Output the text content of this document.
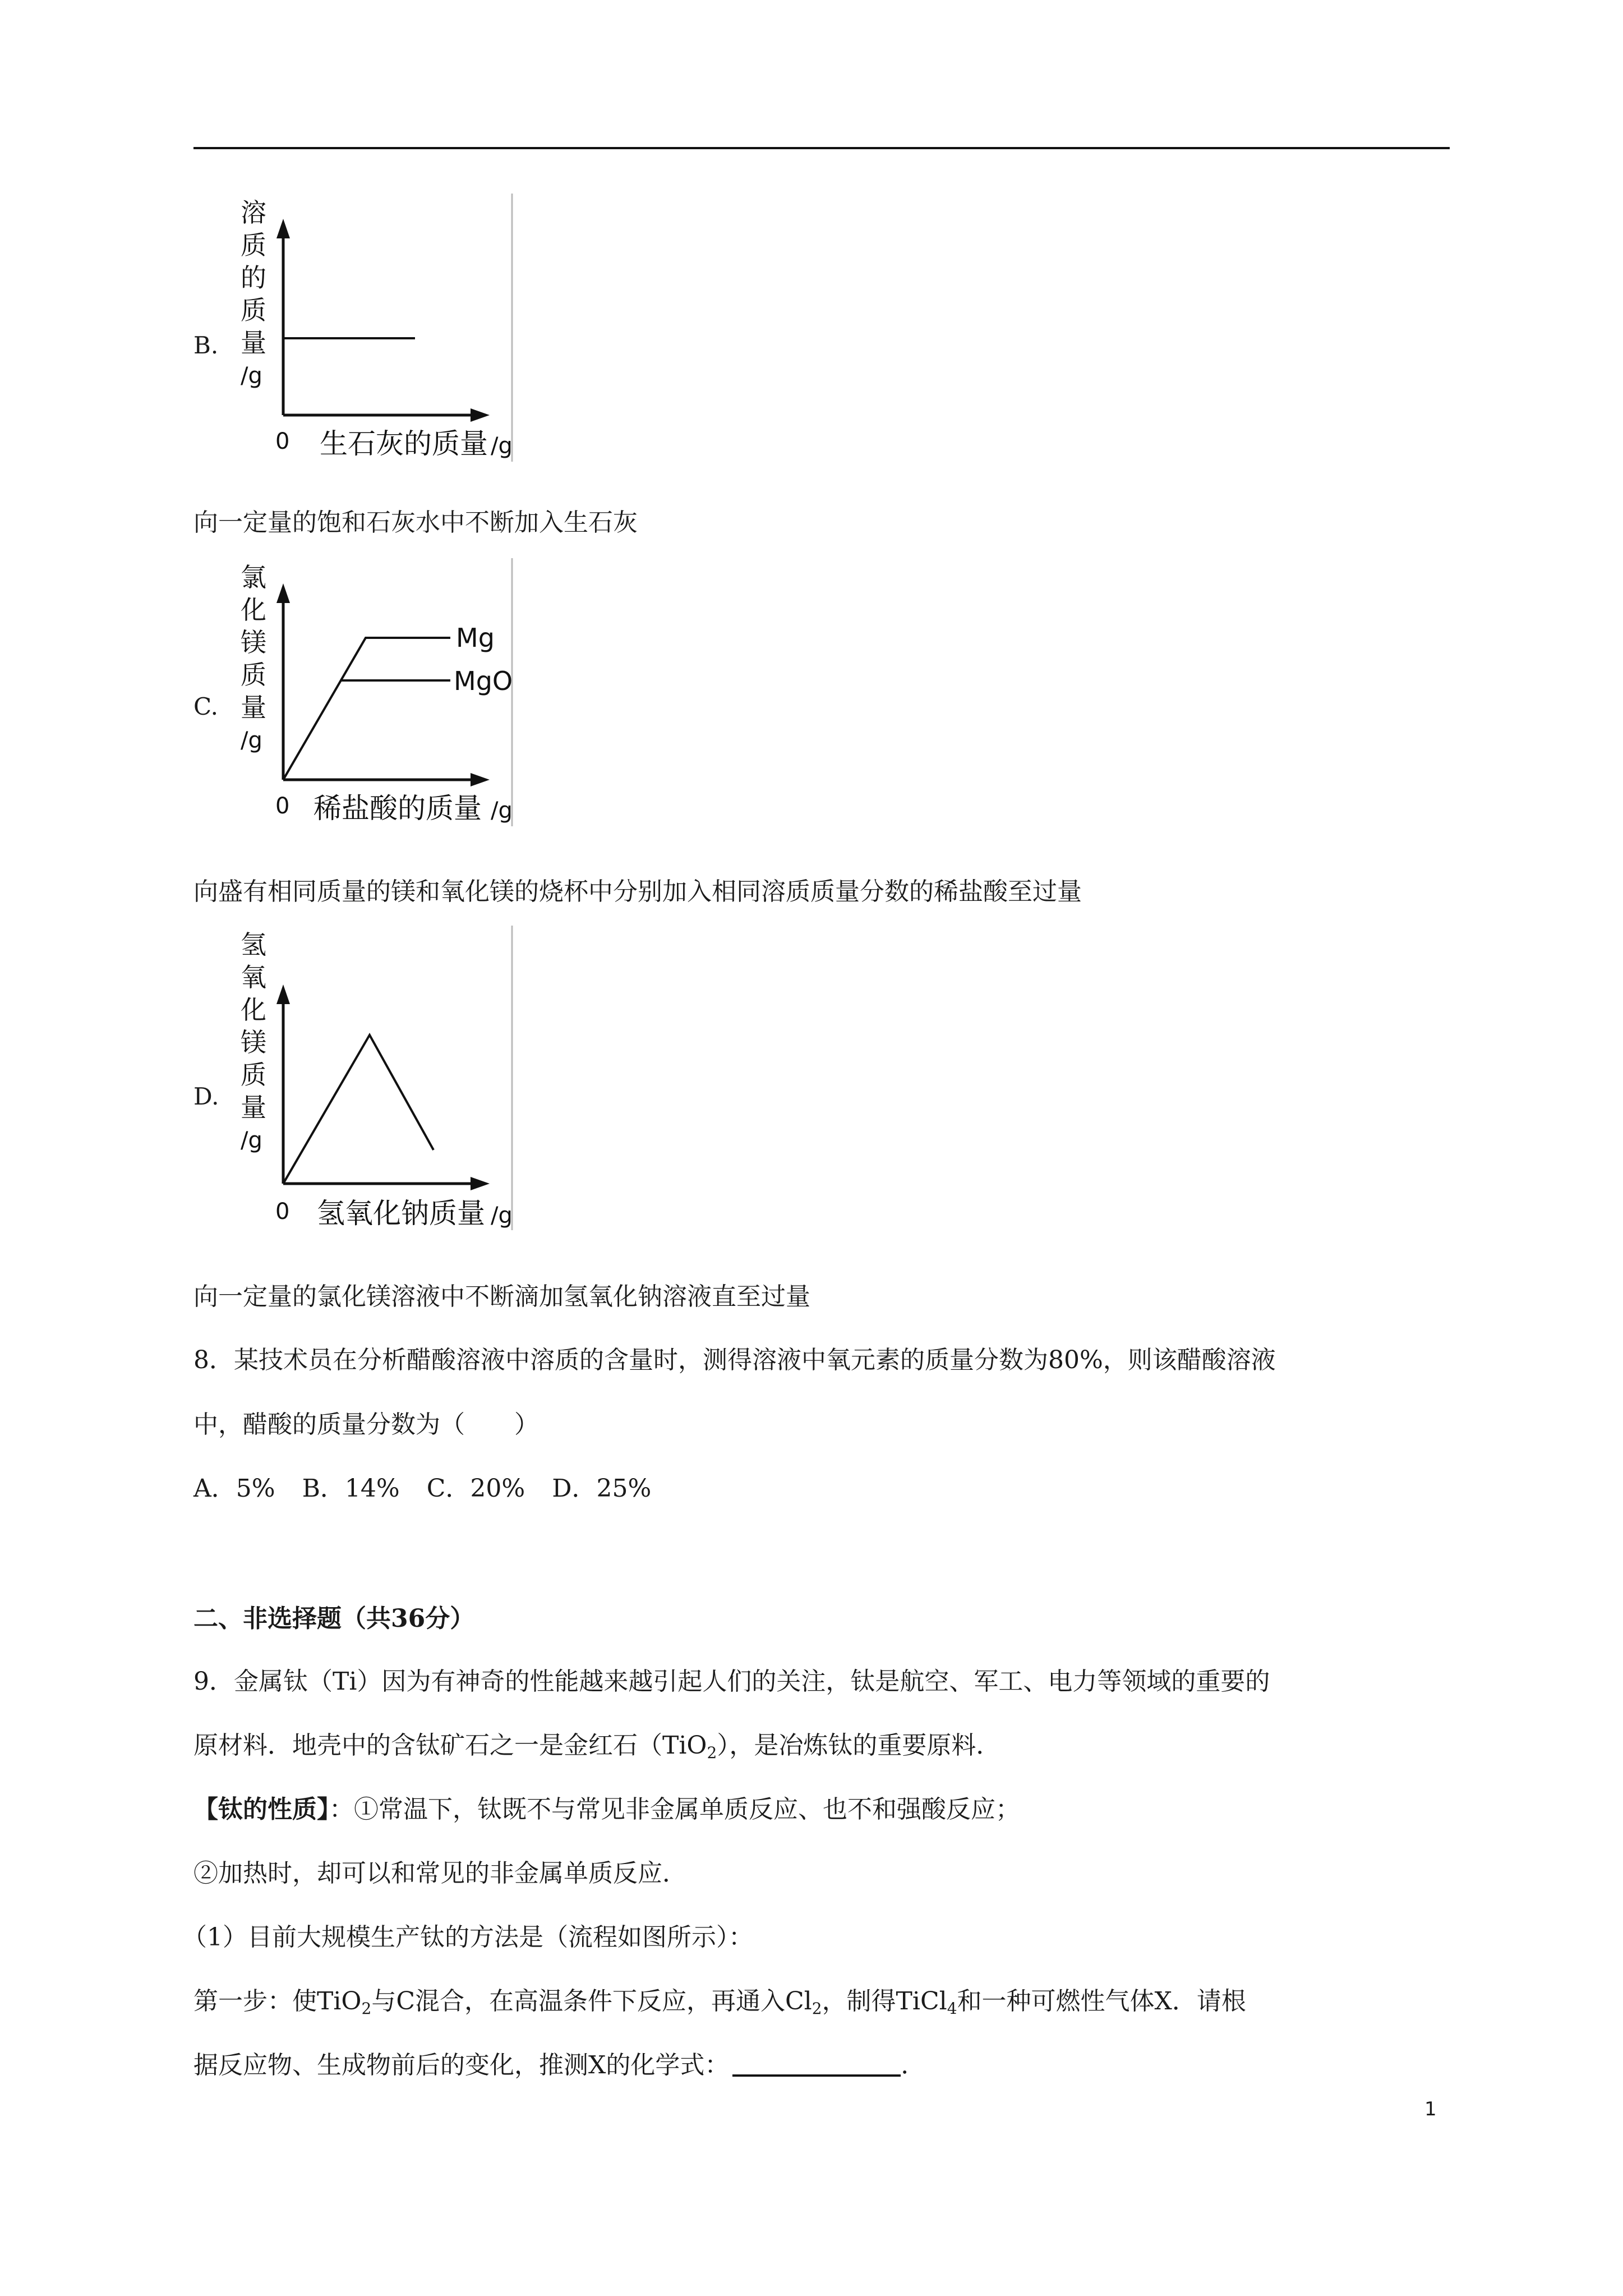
B.
溶
质
的
质
量
/g
0 生石灰的质量 /g
向一定量的饱和石灰水中不断加入生石灰
C.
氯
化
镁
质
量
/g
Mg
MgO
0 稀盐酸的质量 /g
向盛有相同质量的镁和氧化镁的烧杯中分别加入相同溶质质量分数的稀盐酸至过量
D.
氢
氧
化
镁
质
量
/g
0 氢氧化钠质量 /g
向一定量的氯化镁溶液中不断滴加氢氧化钠溶液直至过量
8．某技术员在分析醋酸溶液中溶质的含量时，测得溶液中氧元素的质量分数为80%，则该醋酸溶液
中，醋酸的质量分数为（　　）
A．5% B．14% C．20% D．25%
二、非选择题（共36分）
9．金属钛（Ti）因为有神奇的性能越来越引起人们的关注，钛是航空、军工、电力等领域的重要的
原材料．地壳中的含钛矿石之一是金红石（TiO$_2$），是冶炼钛的重要原料．
【钛的性质】：①常温下，钛既不与常见非金属单质反应、也不和强酸反应；
②加热时，却可以和常见的非金属单质反应．
（1）目前大规模生产钛的方法是（流程如图所示）：
第一步：使TiO$_2$与C混合，在高温条件下反应，再通入$Cl_2$，制得TiCl$_4$和一种可燃性气体X．请根
据反应物、生成物前后的变化，推测X的化学式：	．
1
